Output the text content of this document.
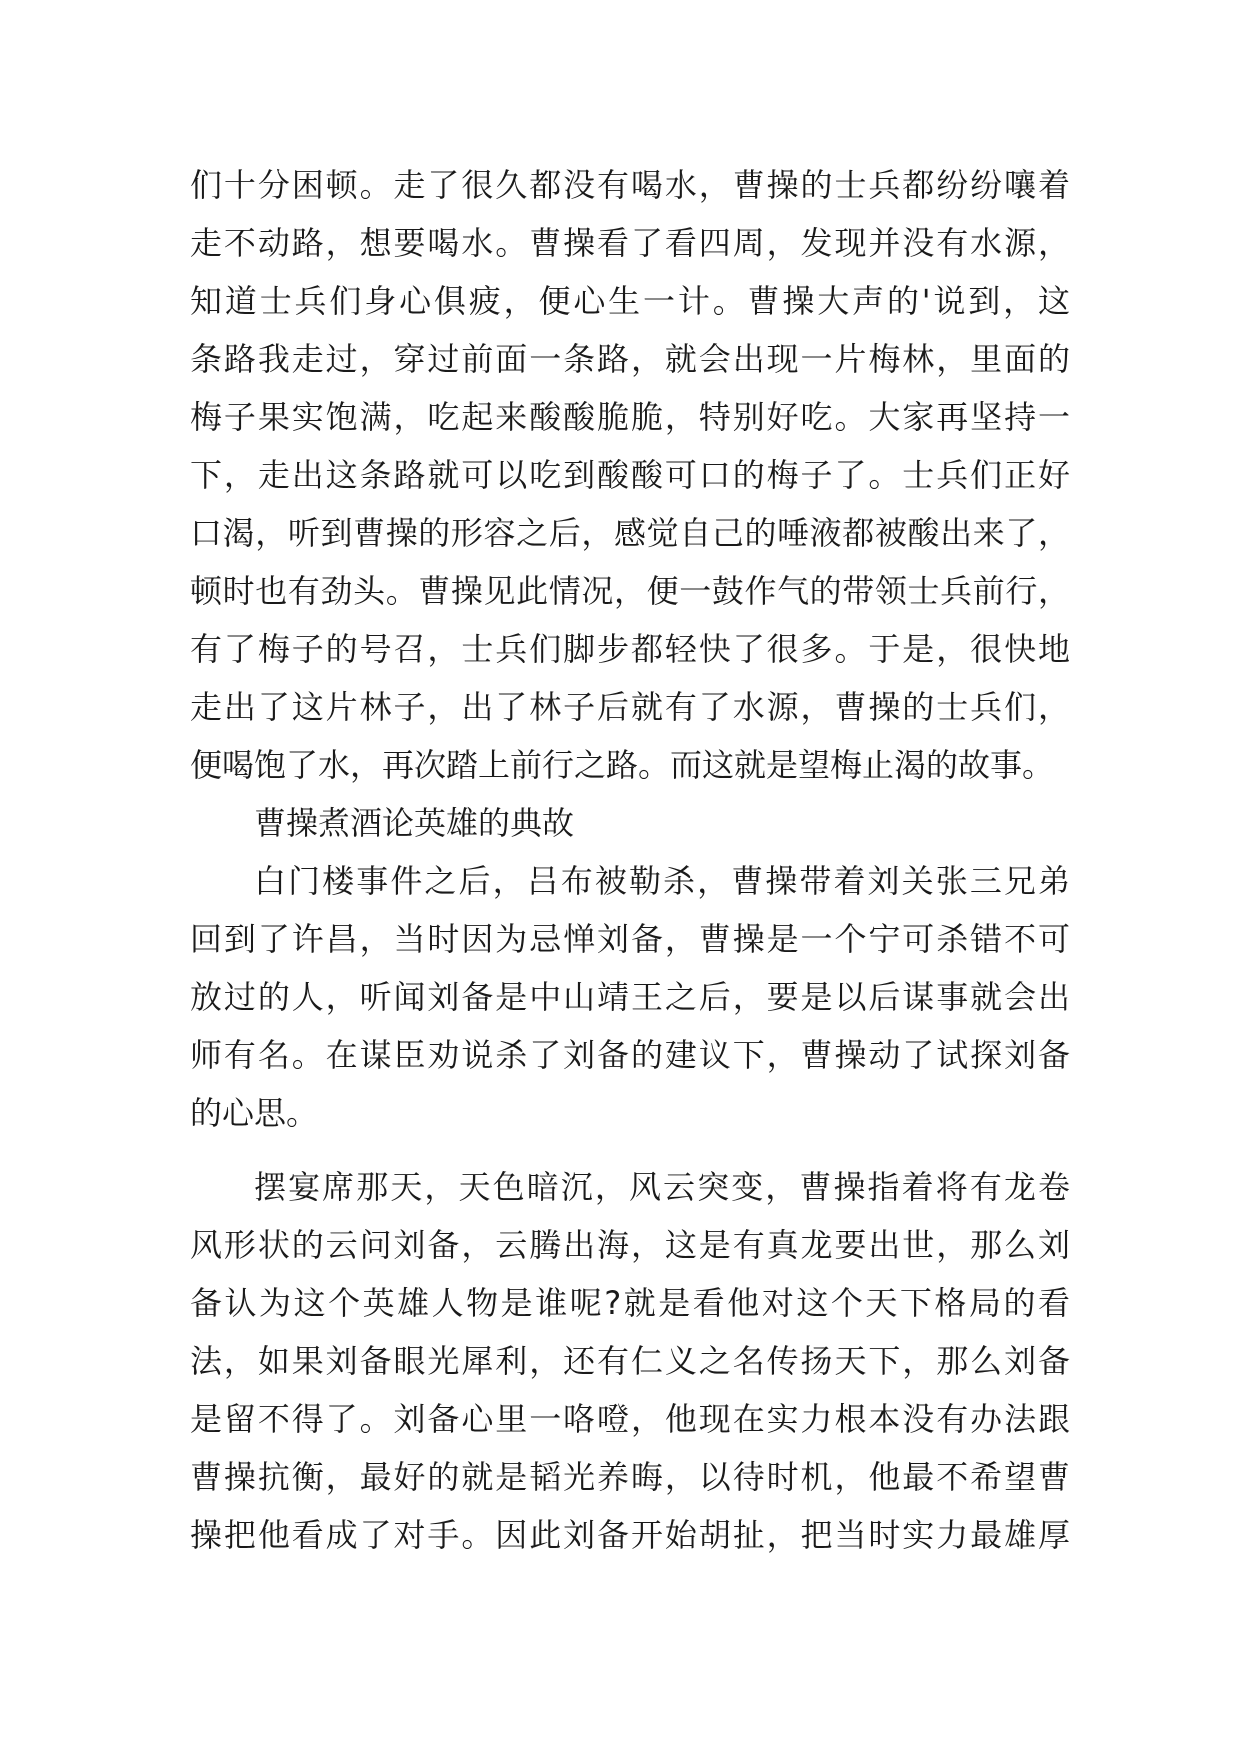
们十分困顿。走了很久都没有喝水，曹操的士兵都纷纷嚷着
走不动路，想要喝水。曹操看了看四周，发现并没有水源，
知道士兵们身心俱疲，便心生一计。曹操大声的'说到，这
条路我走过，穿过前面一条路，就会出现一片梅林，里面的
梅子果实饱满，吃起来酸酸脆脆，特别好吃。大家再坚持一
下，走出这条路就可以吃到酸酸可口的梅子了。士兵们正好
口渴，听到曹操的形容之后，感觉自己的唾液都被酸出来了，
顿时也有劲头。曹操见此情况，便一鼓作气的带领士兵前行，
有了梅子的号召，士兵们脚步都轻快了很多。于是，很快地
走出了这片林子，出了林子后就有了水源，曹操的士兵们，
便喝饱了水，再次踏上前行之路。而这就是望梅止渴的故事。
曹操煮酒论英雄的典故
白门楼事件之后，吕布被勒杀，曹操带着刘关张三兄弟
回到了许昌，当时因为忌惮刘备，曹操是一个宁可杀错不可
放过的人，听闻刘备是中山靖王之后，要是以后谋事就会出
师有名。在谋臣劝说杀了刘备的建议下，曹操动了试探刘备
的心思。
摆宴席那天，天色暗沉，风云突变，曹操指着将有龙卷
风形状的云问刘备，云腾出海，这是有真龙要出世，那么刘
备认为这个英雄人物是谁呢?就是看他对这个天下格局的看
法，如果刘备眼光犀利，还有仁义之名传扬天下，那么刘备
是留不得了。刘备心里一咯噔，他现在实力根本没有办法跟
曹操抗衡，最好的就是韬光养晦，以待时机，他最不希望曹
操把他看成了对手。因此刘备开始胡扯，把当时实力最雄厚
